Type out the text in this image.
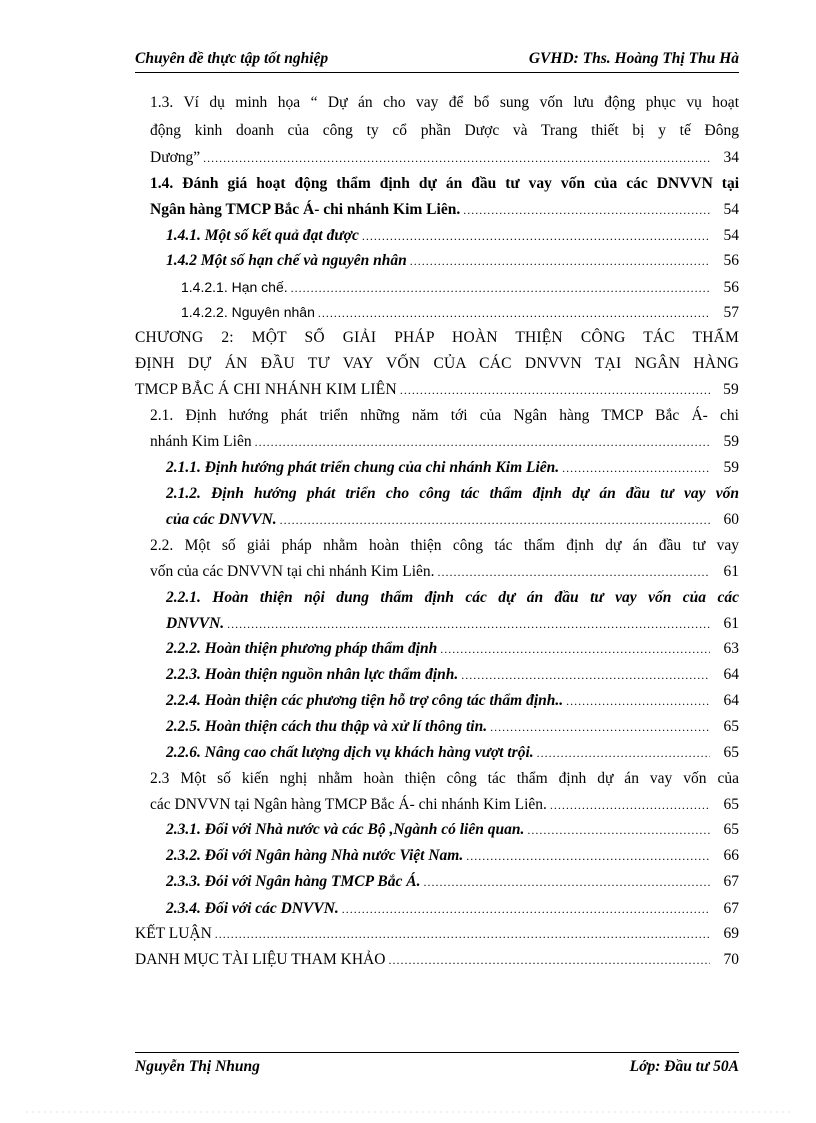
Chuyên đề thực tập tốt nghiệp	GVHD: Ths. Hoàng Thị Thu Hà
1.3. Ví dụ minh họa “ Dự án cho vay để bổ sung vốn lưu động phục vụ hoạt
động kinh doanh của công ty cổ phần Dược và Trang thiết bị y tế Đông
Dương” .....	34
1.4. Đánh giá hoạt động thẩm định dự án đầu tư vay vốn của các DNVVN tại
Ngân hàng TMCP Bắc Á- chi nhánh Kim Liên. .....	54
1.4.1. Một số kết quả đạt được .....	54
1.4.2 Một số hạn chế và nguyên nhân .....	56
1.4.2.1. Hạn chế. .....	56
1.4.2.2. Nguyên nhân .....	57
CHƯƠNG 2: MỘT SỐ GIẢI PHÁP HOÀN THIỆN CÔNG TÁC THẨM
ĐỊNH DỰ ÁN ĐẦU TƯ VAY VỐN CỦA CÁC DNVVN TẠI NGÂN HÀNG
TMCP BẮC Á CHI NHÁNH KIM LIÊN .....	59
2.1. Định hướng phát triển những năm tới của Ngân hàng TMCP Bắc Á- chi
nhánh Kim Liên .....	59
2.1.1. Định hướng phát triển chung của chi nhánh Kim Liên. .....	59
2.1.2. Định hướng phát triển cho công tác thẩm định dự án đầu tư vay vốn
của các DNVVN. .....	60
2.2. Một số giải pháp nhằm hoàn thiện công tác thẩm định dự án đầu tư vay
vốn của các DNVVN tại chi nhánh Kim Liên. .....	61
2.2.1. Hoàn thiện nội dung thẩm định các dự án đầu tư vay vốn của các
DNVVN. .....	61
2.2.2. Hoàn thiện phương pháp thẩm định .....	63
2.2.3. Hoàn thiện nguồn nhân lực thẩm định. .....	64
2.2.4. Hoàn thiện các phương tiện hỗ trợ công tác thẩm định.. .....	64
2.2.5. Hoàn thiện cách thu thập và xử lí thông tin. .....	65
2.2.6. Nâng cao chất lượng dịch vụ khách hàng vượt trội. .....	65
2.3 Một số kiến nghị nhằm hoàn thiện công tác thẩm định dự án vay vốn của
các DNVVN tại Ngân hàng TMCP Bắc Á- chi nhánh Kim Liên. .....	65
2.3.1. Đối với Nhà nước và các Bộ ,Ngành có liên quan. .....	65
2.3.2. Đối với Ngân hàng Nhà nước Việt Nam. .....	66
2.3.3. Đói với Ngân hàng TMCP Bắc Á. .....	67
2.3.4. Đối với các DNVVN. .....	67
KẾT LUẬN .....	69
DANH MỤC TÀI LIỆU THAM KHẢO .....	70
Nguyễn Thị Nhung	Lớp: Đầu tư 50A
